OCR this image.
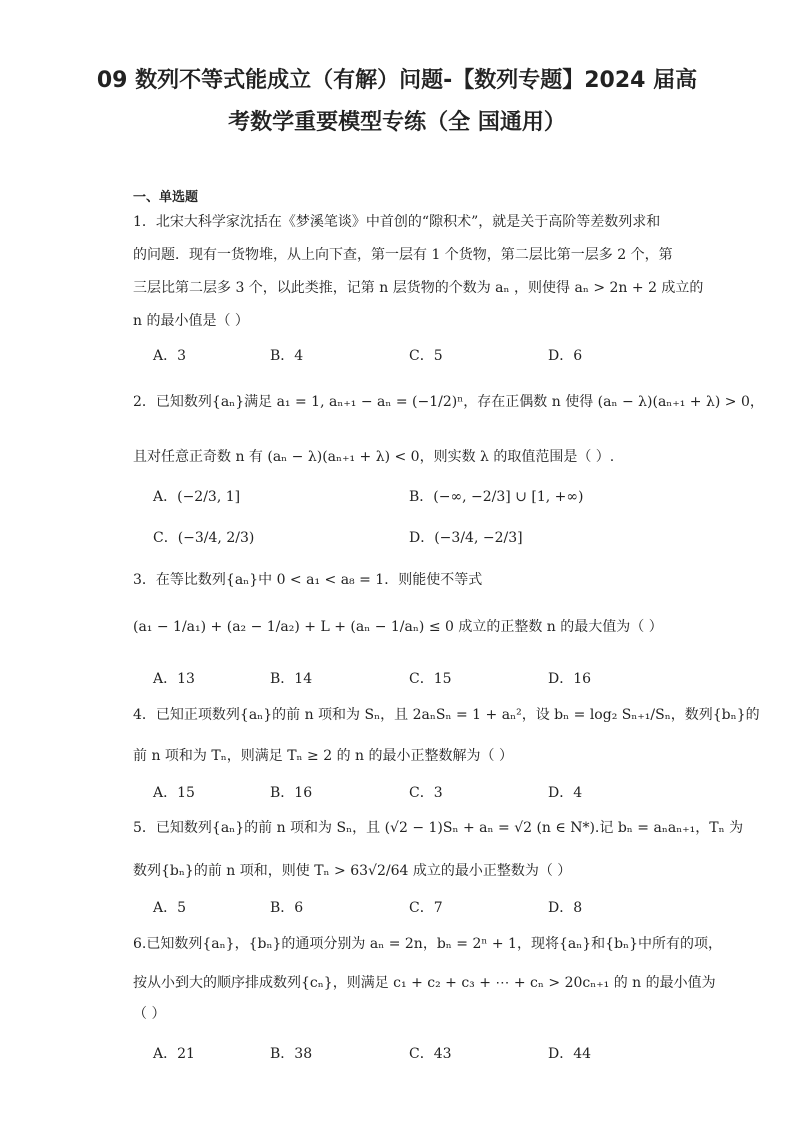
09 数列不等式能成立（有解）问题-【数列专题】2024 届高
考数学重要模型专练（全 国通用）
一、单选题

1．北宋大科学家沈括在《梦溪笔谈》中首创的“隙积术”，就是关于高阶等差数列求和

的问题．现有一货物堆，从上向下查，第一层有 1 个货物，第二层比第一层多 2 个，第

三层比第二层多 3 个，以此类推，记第 n 层货物的个数为 aₙ ，则使得 aₙ > 2n + 2 成立的

n 的最小值是（ ）

A．3	B．4	C．5	D．6

2．已知数列{aₙ}满足 a₁ = 1, aₙ₊₁ − aₙ = (−1/2)ⁿ，存在正偶数 n 使得 (aₙ − λ)(aₙ₊₁ + λ) > 0，

且对任意正奇数 n 有 (aₙ − λ)(aₙ₊₁ + λ) < 0，则实数 λ 的取值范围是（ ）.

A．(−2/3, 1]	B．(−∞, −2/3] ∪ [1, +∞)
C．(−3/4, 2/3)	D．(−3/4, −2/3]

3．在等比数列{aₙ}中 0 < a₁ < a₈ = 1．则能使不等式

(a₁ − 1/a₁) + (a₂ − 1/a₂) + L + (aₙ − 1/aₙ) ≤ 0 成立的正整数 n 的最大值为（ ）

A．13	B．14	C．15	D．16

4．已知正项数列{aₙ}的前 n 项和为 Sₙ，且 2aₙSₙ = 1 + aₙ²，设 bₙ = log₂ Sₙ₊₁/Sₙ，数列{bₙ}的

前 n 项和为 Tₙ，则满足 Tₙ ≥ 2 的 n 的最小正整数解为（ ）

A．15	B．16	C．3	D．4

5．已知数列{aₙ}的前 n 项和为 Sₙ，且 (√2 − 1)Sₙ + aₙ = √2 (n ∈ N*).记 bₙ = aₙaₙ₊₁，Tₙ 为

数列{bₙ}的前 n 项和，则使 Tₙ > 63√2/64 成立的最小正整数为（ ）

A．5	B．6	C．7	D．8

6.已知数列{aₙ}，{bₙ}的通项分别为 aₙ = 2n，bₙ = 2ⁿ + 1，现将{aₙ}和{bₙ}中所有的项，

按从小到大的顺序排成数列{cₙ}，则满足 c₁ + c₂ + c₃ + ⋯ + cₙ > 20cₙ₊₁ 的 n 的最小值为

（ ）

A．21	B．38	C．43	D．44
